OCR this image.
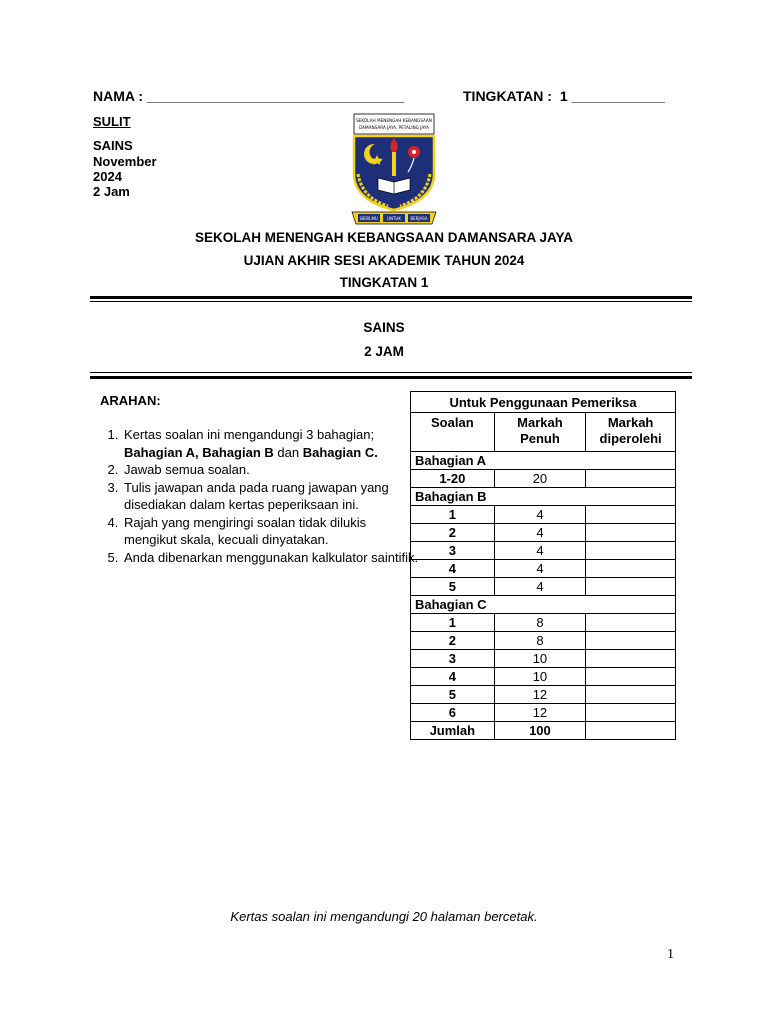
NAMA : _________________________________	TINGKATAN : 1 ____________
SULIT
SAINS
November
2024
2 Jam
SEKOLAH MENENGAH KEBANGSAAN
DAMANSARA JAYA, PETALING JAYA
BERILMU UNTUK BERJASA
SEKOLAH MENENGAH KEBANGSAAN DAMANSARA JAYA
UJIAN AKHIR SESI AKADEMIK TAHUN 2024
TINGKATAN 1
SAINS
2 JAM
ARAHAN:
1. Kertas soalan ini mengandungi 3 bahagian; Bahagian A, Bahagian B dan Bahagian C.
2. Jawab semua soalan.
3. Tulis jawapan anda pada ruang jawapan yang disediakan dalam kertas peperiksaan ini.
4. Rajah yang mengiringi soalan tidak dilukis mengikut skala, kecuali dinyatakan.
5. Anda dibenarkan menggunakan kalkulator saintifik.
Untuk Penggunaan Pemeriksa		
Soalan	Markah Penuh	Markah diperolehi
Bahagian A		
1-20	20	
Bahagian B		
1	4	
2	4	
3	4	
4	4	
5	4	
Bahagian C		
1	8	
2	8	
3	10	
4	10	
5	12	
6	12	
Jumlah	100	
Kertas soalan ini mengandungi 20 halaman bercetak.
1
